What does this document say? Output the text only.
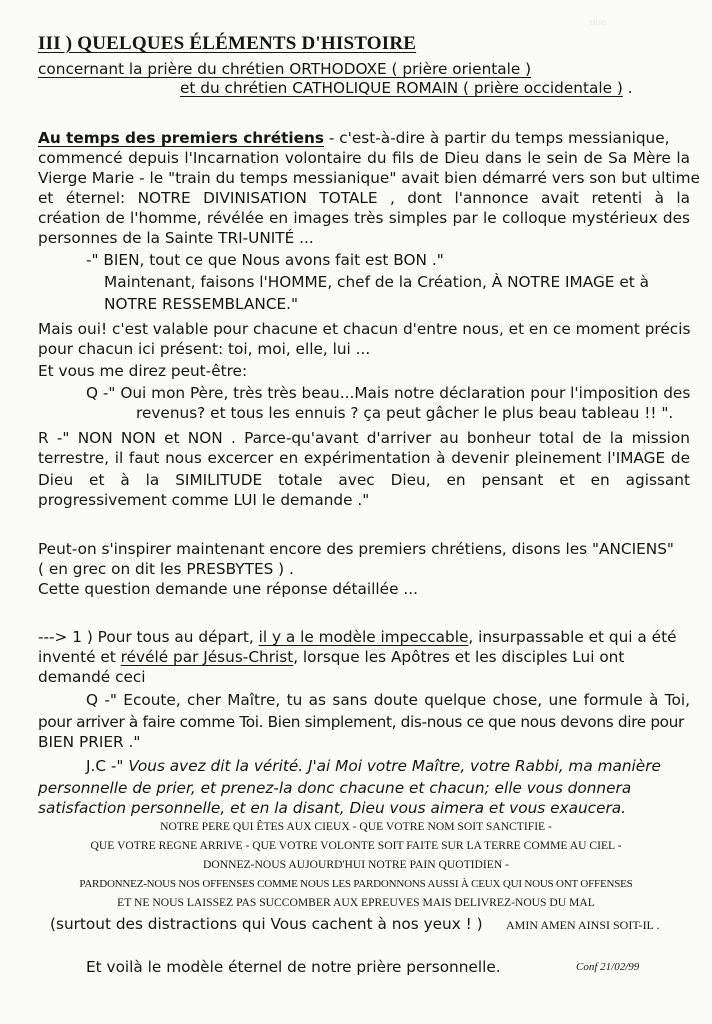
ooo
III ) QUELQUES ÉLÉMENTS D'HISTOIRE
concernant la prière du chrétien ORTHODOXE ( prière orientale )
et du chrétien CATHOLIQUE ROMAIN ( prière occidentale ) .
Au temps des premiers chrétiens - c'est-à-dire à partir du temps messianique,
commencé depuis l'Incarnation volontaire du fils de Dieu dans le sein de Sa Mère la
Vierge Marie - le "train du temps messianique" avait bien démarré vers son but ultime
et éternel: NOTRE DIVINISATION TOTALE , dont l'annonce avait retenti à la
création de l'homme, révélée en images très simples par le colloque mystérieux des
personnes de la Sainte TRI-UNITÉ ...
-" BIEN, tout ce que Nous avons fait est BON ."
Maintenant, faisons l'HOMME, chef de la Création, À NOTRE IMAGE et à
NOTRE RESSEMBLANCE."
Mais oui! c'est valable pour chacune et chacun d'entre nous, et en ce moment précis
pour chacun ici présent: toi, moi, elle, lui ...
Et vous me direz peut-être:
Q -" Oui mon Père, très très beau...Mais notre déclaration pour l'imposition des
revenus? et tous les ennuis ? ça peut gâcher le plus beau tableau !! ".
R -" NON NON et NON . Parce-qu'avant d'arriver au bonheur total de la mission
terrestre, il faut nous excercer en expérimentation à devenir pleinement l'IMAGE de
Dieu et à la SIMILITUDE totale avec Dieu, en pensant et en agissant
progressivement comme LUI le demande ."
Peut-on s'inspirer maintenant encore des premiers chrétiens, disons les "ANCIENS"
( en grec on dit les PRESBYTES ) .
Cette question demande une réponse détaillée ...
---> 1 ) Pour tous au départ, il y a le modèle impeccable, insurpassable et qui a été
inventé et révélé par Jésus-Christ, lorsque les Apôtres et les disciples Lui ont
demandé ceci
Q -" Ecoute, cher Maître, tu as sans doute quelque chose, une formule à Toi,
pour arriver à faire comme Toi. Bien simplement, dis-nous ce que nous devons dire pour
BIEN PRIER ."
J.C -" Vous avez dit la vérité. J'ai Moi votre Maître, votre Rabbi, ma manière
personnelle de prier, et prenez-la donc chacune et chacun; elle vous donnera
satisfaction personnelle, et en la disant, Dieu vous aimera et vous exaucera.
NOTRE PERE QUI ÊTES AUX CIEUX - QUE VOTRE NOM SOIT SANCTIFIE -
QUE VOTRE REGNE ARRIVE - QUE VOTRE VOLONTE SOIT FAITE SUR LA TERRE COMME AU CIEL -
DONNEZ-NOUS AUJOURD'HUI NOTRE PAIN QUOTIDIEN -
PARDONNEZ-NOUS NOS OFFENSES COMME NOUS LES PARDONNONS AUSSI À CEUX QUI NOUS ONT OFFENSES
ET NE NOUS LAISSEZ PAS SUCCOMBER AUX EPREUVES MAIS DELIVREZ-NOUS DU MAL
(surtout des distractions qui Vous cachent à nos yeux ! ) AMIN AMEN AINSI SOIT-IL .
Et voilà le modèle éternel de notre prière personnelle.	Conf 21/02/99
